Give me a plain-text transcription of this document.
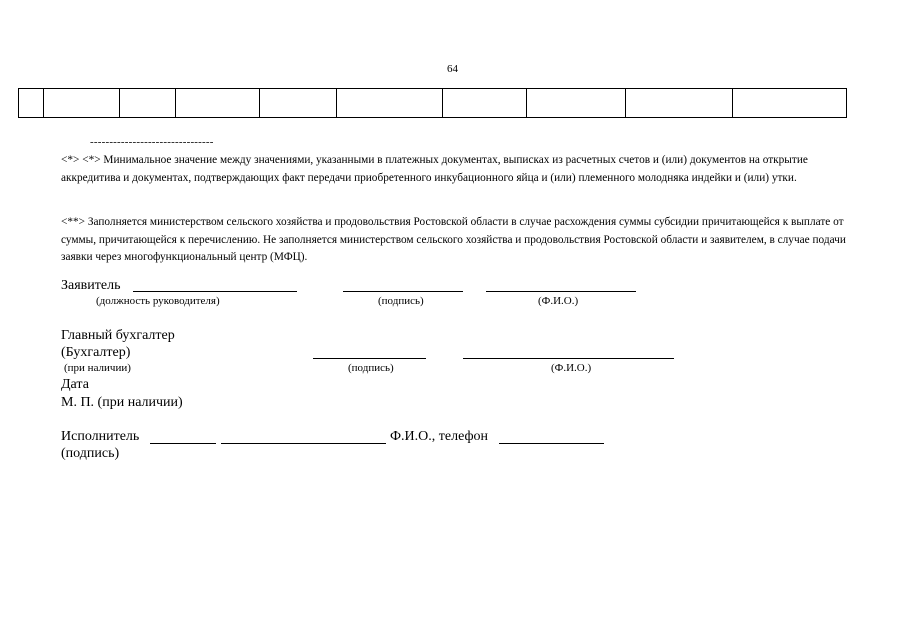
64

--------------------------------
<*> <*> Минимальное значение между значениями, указанными в платежных документах, выписках из расчетных счетов и (или) документов на открытие аккредитива и документах, подтверждающих факт передачи приобретенного инкубационного яйца и (или) племенного молодняка индейки и (или) утки.
<**> Заполняется министерством сельского хозяйства и продовольствия Ростовской области в случае расхождения суммы субсидии причитающейся к выплате от суммы, причитающейся к перечислению. Не заполняется министерством сельского хозяйства и продовольствия Ростовской области и заявителем, в случае подачи заявки через многофункциональный центр (МФЦ).
Заявитель
(должность руководителя)	(подпись)	(Ф.И.О.)
Главный бухгалтер
(Бухгалтер)
(при наличии)	(подпись)	(Ф.И.О.)
Дата
М. П. (при наличии)
Исполнитель	Ф.И.О., телефон
(подпись)
